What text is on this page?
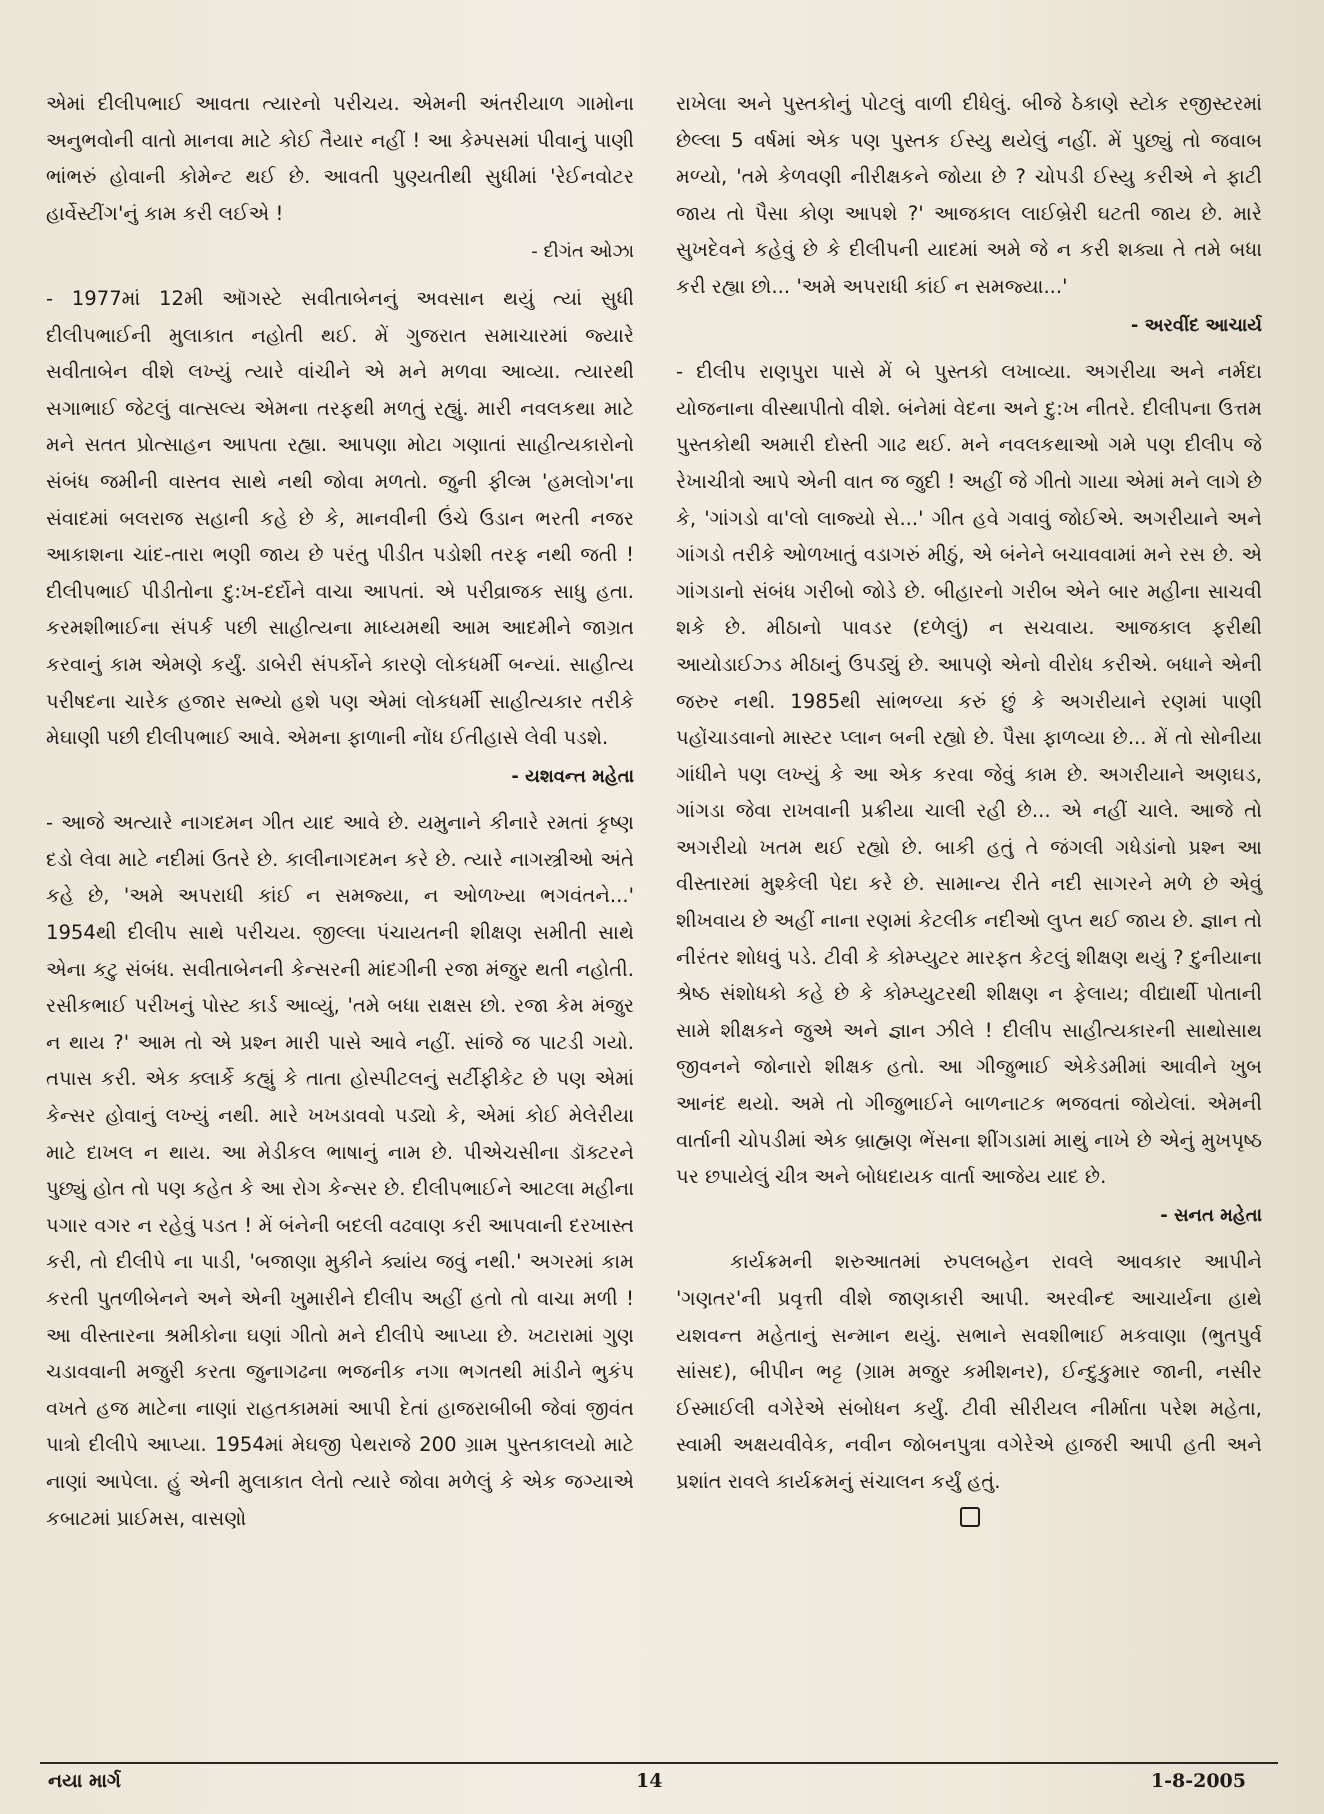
એમાં દીલીપભાઈ આવતા ત્યારનો પરીચય. એમની અંતરીયાળ ગામોના અનુભવોની વાતો માનવા માટે કોઈ તૈયાર નહીં ! આ કેમ્પસમાં પીવાનું પાણી ભાંભરું હોવાની કોમેન્ટ થઈ છે. આવતી પુણ્યતીથી સુધીમાં 'રેઈનવોટર હાર્વેસ્ટીંગ'નું કામ કરી લઈએ !

- દીગંત ઓઝા

- 1977માં 12મી ઑગસ્ટે સવીતાબેનનું અવસાન થયું ત્યાં સુધી દીલીપભાઈની મુલાકાત નહોતી થઈ. મેં ગુજરાત સમાચારમાં જ્યારે સવીતાબેન વીશે લખ્યું ત્યારે વાંચીને એ મને મળવા આવ્યા. ત્યારથી સગાભાઈ જેટલું વાત્સલ્ય એમના તરફથી મળતું રહ્યું. મારી નવલકથા માટે મને સતત પ્રોત્સાહન આપતા રહ્યા. આપણા મોટા ગણાતાં સાહીત્યકારોનો સંબંધ જમીની વાસ્તવ સાથે નથી જોવા મળતો. જુની ફીલ્મ 'હમલોગ'ના સંવાદમાં બલરાજ સહાની કહે છે કે, માનવીની ઉંચે ઉડાન ભરતી નજર આકાશના ચાંદ-તારા ભણી જાય છે પરંતુ પીડીત પડોશી તરફ નથી જતી ! દીલીપભાઈ પીડીતોના દુ:ખ-દર્દોને વાચા આપતાં. એ પરીવ્રાજક સાધુ હતા. કરમશીભાઈના સંપર્ક પછી સાહીત્યના માધ્યમથી આમ આદમીને જાગ્રત કરવાનું કામ એમણે કર્યું. ડાબેરી સંપર્કોને કારણે લોકધર્મી બન્યાં. સાહીત્ય પરીષદના ચારેક હજાર સભ્યો હશે પણ એમાં લોકધર્મી સાહીત્યકાર તરીકે મેઘાણી પછી દીલીપભાઈ આવે. એમના ફાળાની નોંધ ઈતીહાસે લેવી પડશે.

- યશવન્ત મહેતા

- આજે અત્યારે નાગદમન ગીત યાદ આવે છે. યમુનાને કીનારે રમતાં કૃષ્ણ દડો લેવા માટે નદીમાં ઉતરે છે. કાલીનાગદમન કરે છે. ત્યારે નાગસ્ત્રીઓ અંતે કહે છે, 'અમે અપરાધી કાંઈ ન સમજ્યા, ન ઓળખ્યા ભગવંતને...' 1954થી દીલીપ સાથે પરીચય. જીલ્લા પંચાયતની શીક્ષણ સમીતી સાથે એના કટુ સંબંધ. સવીતાબેનની કેન્સરની માંદગીની રજા મંજુર થતી નહોતી. રસીકભાઈ પરીખનું પોસ્ટ કાર્ડ આવ્યું, 'તમે બધા રાક્ષસ છો. રજા કેમ મંજુર ન થાય ?' આમ તો એ પ્રશ્ન મારી પાસે આવે નહીં. સાંજે જ પાટડી ગયો. તપાસ કરી. એક ક્લાર્કે કહ્યું કે તાતા હોસ્પીટલનું સર્ટીફીકેટ છે પણ એમાં કેન્સર હોવાનું લખ્યું નથી. મારે ખખડાવવો પડ્યો કે, એમાં કોઈ મેલેરીયા માટે દાખલ ન થાય. આ મેડીકલ ભાષાનું નામ છે. પીએચસીના ડૉક્ટરને પુછ્યું હોત તો પણ કહેત કે આ રોગ કેન્સર છે. દીલીપભાઈને આટલા મહીના પગાર વગર ન રહેવું પડત ! મેં બંનેની બદલી વઢવાણ કરી આપવાની દરખાસ્ત કરી, તો દીલીપે ના પાડી, 'બજાણા મુકીને ક્યાંય જવું નથી.' અગરમાં કામ કરતી પુતળીબેનને અને એની ખુમારીને દીલીપ અહીં હતો તો વાચા મળી ! આ વીસ્તારના શ્રમીકોના ઘણાં ગીતો મને દીલીપે આપ્યા છે. ખટારામાં ગુણ ચડાવવાની મજુરી કરતા જુનાગઢના ભજનીક નગા ભગતથી માંડીને ભુકંપ વખતે હજ માટેના નાણાં રાહતકામમાં આપી દેતાં હાજરાબીબી જેવાં જીવંત પાત્રો દીલીપે આપ્યા. 1954માં મેઘજી પેથરાજે 200 ગ્રામ પુસ્તકાલયો માટે નાણાં આપેલા. હું એની મુલાકાત લેતો ત્યારે જોવા મળેલું કે એક જગ્યાએ કબાટમાં પ્રાઈમસ, વાસણો

રાખેલા અને પુસ્તકોનું પોટલું વાળી દીધેલું. બીજે ઠેકાણે સ્ટોક રજીસ્ટરમાં છેલ્લા 5 વર્ષમાં એક પણ પુસ્તક ઈસ્યુ થયેલું નહીં. મેં પુછ્યું તો જવાબ મળ્યો, 'તમે કેળવણી નીરીક્ષકને જોયા છે ? ચોપડી ઈસ્યુ કરીએ ને ફાટી જાય તો પૈસા કોણ આપશે ?' આજકાલ લાઈબ્રેરી ઘટતી જાય છે. મારે સુખદેવને કહેવું છે કે દીલીપની યાદમાં અમે જે ન કરી શક્યા તે તમે બધા કરી રહ્યા છો... 'અમે અપરાધી કાંઈ ન સમજ્યા...'

- અરવીંદ આચાર્ય

- દીલીપ રાણપુરા પાસે મેં બે પુસ્તકો લખાવ્યા. અગરીયા અને નર્મદા યોજનાના વીસ્થાપીતો વીશે. બંનેમાં વેદના અને દુ:ખ નીતરે. દીલીપના ઉત્તમ પુસ્તકોથી અમારી દોસ્તી ગાઢ થઈ. મને નવલકથાઓ ગમે પણ દીલીપ જે રેખાચીત્રો આપે એની વાત જ જુદી ! અહીં જે ગીતો ગાયા એમાં મને લાગે છે કે, 'ગાંગડો વા'લો લાજ્યો સે...' ગીત હવે ગવાવું જોઈએ. અગરીયાને અને ગાંગડો તરીકે ઓળખાતું વડાગરું મીઠું, એ બંનેને બચાવવામાં મને રસ છે. એ ગાંગડાનો સંબંધ ગરીબો જોડે છે. બીહારનો ગરીબ એને બાર મહીના સાચવી શકે છે. મીઠાનો પાવડર (દળેલું) ન સચવાય. આજકાલ ફરીથી આયોડાઈઝ્ડ મીઠાનું ઉપડ્યું છે. આપણે એનો વીરોધ કરીએ. બધાને એની જરુર નથી. 1985થી સાંભળ્યા કરું છું કે અગરીયાને રણમાં પાણી પહોંચાડવાનો માસ્ટર પ્લાન બની રહ્યો છે. પૈસા ફાળવ્યા છે... મેં તો સોનીયા ગાંધીને પણ લખ્યું કે આ એક કરવા જેવું કામ છે. અગરીયાને અણઘડ, ગાંગડા જેવા રાખવાની પ્રક્રીયા ચાલી રહી છે... એ નહીં ચાલે. આજે તો અગરીયો ખતમ થઈ રહ્યો છે. બાકી હતું તે જંગલી ગધેડાંનો પ્રશ્ન આ વીસ્તારમાં મુશ્કેલી પેદા કરે છે. સામાન્ય રીતે નદી સાગરને મળે છે એવું શીખવાય છે અહીં નાના રણમાં કેટલીક નદીઓ લુપ્ત થઈ જાય છે. જ્ઞાન તો નીરંતર શોધવું પડે. ટીવી કે કોમ્પ્યુટર મારફત કેટલું શીક્ષણ થયું ? દુનીયાના શ્રેષ્ઠ સંશોધકો કહે છે કે કોમ્પ્યુટરથી શીક્ષણ ન ફેલાય; વીદ્યાર્થી પોતાની સામે શીક્ષકને જુએ અને જ્ઞાન ઝીલે ! દીલીપ સાહીત્યકારની સાથોસાથ જીવનને જોનારો શીક્ષક હતો. આ ગીજુભાઈ એકેડમીમાં આવીને ખુબ આનંદ થયો. અમે તો ગીજુભાઈને બાળનાટક ભજવતાં જોયેલાં. એમની વાર્તાની ચોપડીમાં એક બ્રાહ્મણ ભેંસના શીંગડામાં માથું નાખે છે એનું મુખપૃષ્ઠ પર છપાયેલું ચીત્ર અને બોધદાયક વાર્તા આજેય યાદ છે.

- સનત મહેતા

કાર્યક્રમની શરુઆતમાં રુપલબહેન રાવલે આવકાર આપીને 'ગણતર'ની પ્રવૃત્તી વીશે જાણકારી આપી. અરવીન્દ આચાર્યના હાથે યશવન્ત મહેતાનું સન્માન થયું. સભાને સવશીભાઈ મકવાણા (ભુતપુર્વ સાંસદ), બીપીન ભટ્ટ (ગ્રામ મજુર કમીશનર), ઈન્દુકુમાર જાની, નસીર ઈસ્માઈલી વગેરેએ સંબોધન કર્યું. ટીવી સીરીયલ નીર્માતા પરેશ મહેતા, સ્વામી અક્ષયવીવેક, નવીન જોબનપુત્રા વગેરેએ હાજરી આપી હતી અને પ્રશાંત રાવલે કાર્યક્રમનું સંચાલન કર્યું હતું.

નયા માર્ગ	14	1-8-2005
